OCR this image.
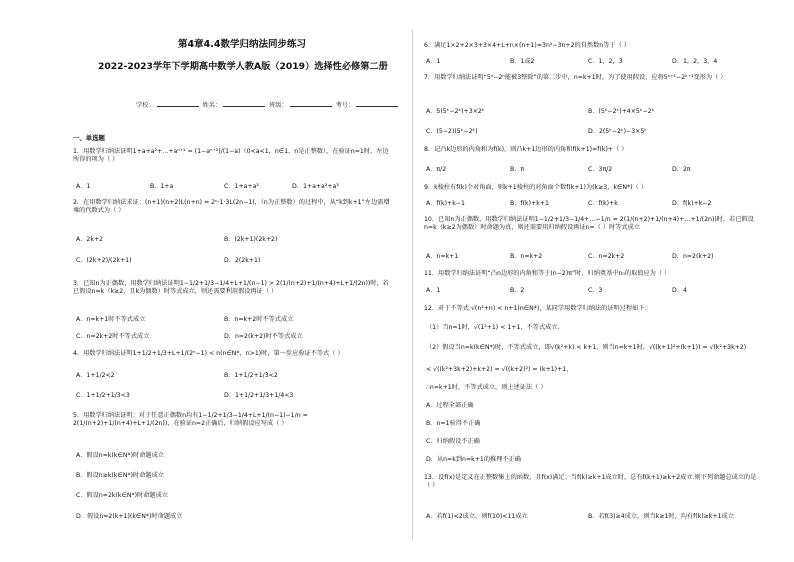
第4章4.4数学归纳法同步练习
2022-2023学年下学期高中数学人教A版（2019）选择性必修第二册
学校：	姓名：	班级：	考号：
一、单选题
1．用数学归纳法证明1+a+a²+…+aⁿ⁺¹ = (1−aⁿ⁺²)/(1−a)（0<a<1，n∈1，n是正整数），在验证n=1时，左边所得的项为（ ）
A．1	B．1+a	C．1+a+a²	D．1+a+a²+a³
2．在用数学归纳法求证：(n+1)(n+2)L(n+n) = 2ⁿ·1·3L(2n−1)，（n为正整数）的过程中，从“k到k+1”左边需增乘的代数式为（ ）
A．2k+2	B．(2k+1)(2k+2)
C．(2k+2)/(2k+1)	D．2(2k+1)
3．已知n为正偶数，用数学归纳法证明1−1/2+1/3−1/4+L+1/(n−1) > 2(1/(n+2)+1/(n+4)+L+1/(2n))时，若已假设n=k（k≥2，且k为偶数）时等式成立，则还需要利用假设再证（ ）
A．n=k+1时不等式成立	B．n=k+2时不等式成立
C．n=2k+2时不等式成立	D．n=2(k+2)时不等式成立
4．用数学归纳法证明1+1/2+1/3+L+1/(2ⁿ−1) < n(n∈N*，n>1)时，第一步应验证不等式（ ）
A．1+1/2<2	B．1+1/2+1/3<2
C．1+1/2+1/3<3	D．1+1/2+1/3+1/4<3
5．用数学归纳法证明：对于任意正偶数n均有1−1/2+1/3−1/4+L+1/(n−1)−1/n = 2(1/(n+2)+1/(n+4)+L+1/(2n))，在验证n=2正确后，归纳假设应写成（ ）
A．假设n=k(k∈N*)时命题成立
B．假设n≥k(k∈N*)时命题成立
C．假设n=2k(k∈N*)时命题成立
D．假设n=2(k+1)(k∈N*)时命题成立
6．满足1×2+2×3+3×4+L+n×(n+1)=3n²−3n+2的自然数n等于（ ）
A．1	B．1或2	C．1，2，3	D．1，2，3，4
7．用数学归纳法证明“5ⁿ−2ⁿ能被3整除”的第二步中，n=k+1时，为了使用假设，应将5ᵏ⁺¹−2ᵏ⁺¹变形为（ ）
A．5(5ᵏ−2ᵏ)+3×2ᵏ	B．(5ᵏ−2ᵏ)+4×5ᵏ−2ᵏ
C．(5−2)(5ᵏ−2ᵏ)	D．2(5ᵏ−2ᵏ)−3×5ᵏ
8．记凸k边形的内角和为f(k)，则凸k+1边形的内角和f(k+1)=f(k)+（ ）
A．π/2	B．π	C．3π/2	D．2π
9．k棱柱有f(k)个对角面，则k+1棱柱的对角面个数f(k+1)为(k≥3，k∈N*)（ ）
A．f(k)+k−1	B．f(k)+k+1	C．f(k)+k	D．f(k)+k−2
10．已知n为正偶数，用数学归纳法证明1−1/2+1/3−1/4+…−1/n = 2(1/(n+2)+1/(n+4)+…+1/(2n))时，若已假设n=k（k≥2为偶数）时命题为真，则还需要用归纳假设再证n=（ ）时等式成立
A．n=k+1	B．n=k+2	C．n=2k+2	D．n=2(k+2)
11．用数学归纳法证明“凸n边形的内角和等于(n−2)π”时，归纳奠基中n₀的取值应为（ ）
A．1	B．2	C．3	D．4
12．对于不等式 √(n²+n) < n+1(n∈N*)，某同学用数学归纳法的证明过程如下：
（1）当n=1时，√(1²+1) < 1+1，不等式成立.
（2）假设当n=k(k∈N*)时，不等式成立，即√(k²+k) < k+1，则当n=k+1时，√((k+1)²+(k+1)) = √(k²+3k+2)
< √((k²+3k+2)+k+2) = √((k+2)²) = (k+1)+1，
∴n=k+1时，不等式成立，则上述证法（ ）
A．过程全部正确
B．n=1验得不正确
C．归纳假设不正确
D．从n=k到n=k+1的推理不正确
13．设f(x)是定义在正整数集上的函数，且f(x)满足：当f(k)≥k+1成立时，总有f(k+1)≥k+2成立.则下列命题总成立的是（ ）
A．若f(1)<2成立，则f(10)<11成立	B．若f(3)≥4成立，则当k≥1时，均有f(k)≥k+1成立
